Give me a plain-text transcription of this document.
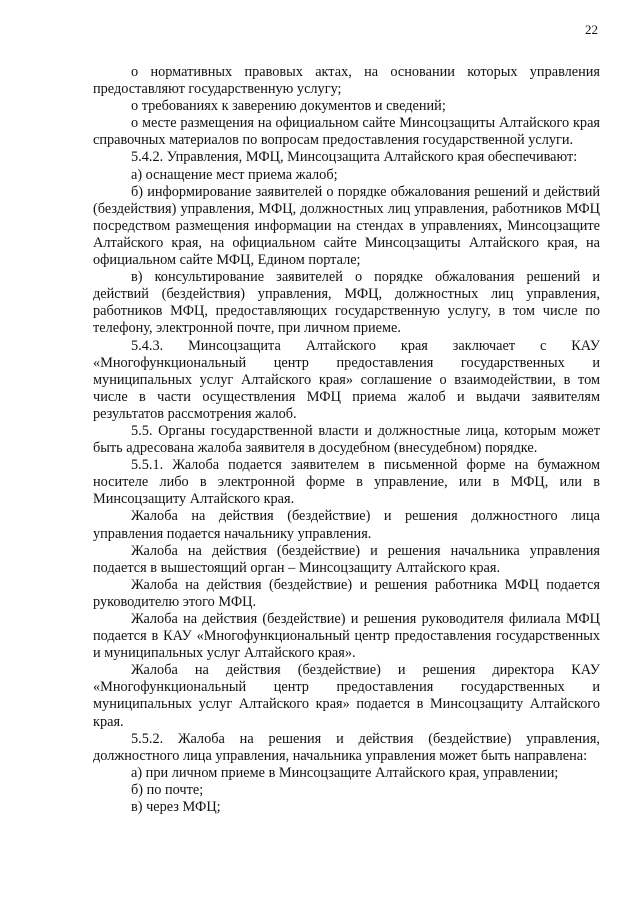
22

о нормативных правовых актах, на основании которых управления предоставляют государственную услугу;

о требованиях к заверению документов и сведений;

о месте размещения на официальном сайте Минсоцзащиты Алтайского края справочных материалов по вопросам предоставления государственной услуги.

5.4.2. Управления, МФЦ, Минсоцзащита Алтайского края обеспечивают:

а) оснащение мест приема жалоб;

б) информирование заявителей о порядке обжалования решений и действий (бездействия) управления, МФЦ, должностных лиц управления, работников МФЦ посредством размещения информации на стендах в управлениях, Минсоцзащите Алтайского края, на официальном сайте Минсоцзащиты Алтайского края, на официальном сайте МФЦ, Едином портале;

в) консультирование заявителей о порядке обжалования решений и действий (бездействия) управления, МФЦ, должностных лиц управления, работников МФЦ, предоставляющих государственную услугу, в том числе по телефону, электронной почте, при личном приеме.

5.4.3. Минсоцзащита Алтайского края заключает с КАУ «Многофункциональный центр предоставления государственных и муниципальных услуг Алтайского края» соглашение о взаимодействии, в том числе в части осуществления МФЦ приема жалоб и выдачи заявителям результатов рассмотрения жалоб.

5.5. Органы государственной власти и должностные лица, которым может быть адресована жалоба заявителя в досудебном (внесудебном) порядке.

5.5.1. Жалоба подается заявителем в письменной форме на бумажном носителе либо в электронной форме в управление, или в МФЦ, или в Минсоцзащиту Алтайского края.

Жалоба на действия (бездействие) и решения должностного лица управления подается начальнику управления.

Жалоба на действия (бездействие) и решения начальника управления подается в вышестоящий орган – Минсоцзащиту Алтайского края.

Жалоба на действия (бездействие) и решения работника МФЦ подается руководителю этого МФЦ.

Жалоба на действия (бездействие) и решения руководителя филиала МФЦ подается в КАУ «Многофункциональный центр предоставления государственных и муниципальных услуг Алтайского края».

Жалоба на действия (бездействие) и решения директора КАУ «Многофункциональный центр предоставления государственных и муниципальных услуг Алтайского края» подается в Минсоцзащиту Алтайского края.

5.5.2. Жалоба на решения и действия (бездействие) управления, должностного лица управления, начальника управления может быть направлена:

а) при личном приеме в Минсоцзащите Алтайского края, управлении;

б) по почте;

в) через МФЦ;
